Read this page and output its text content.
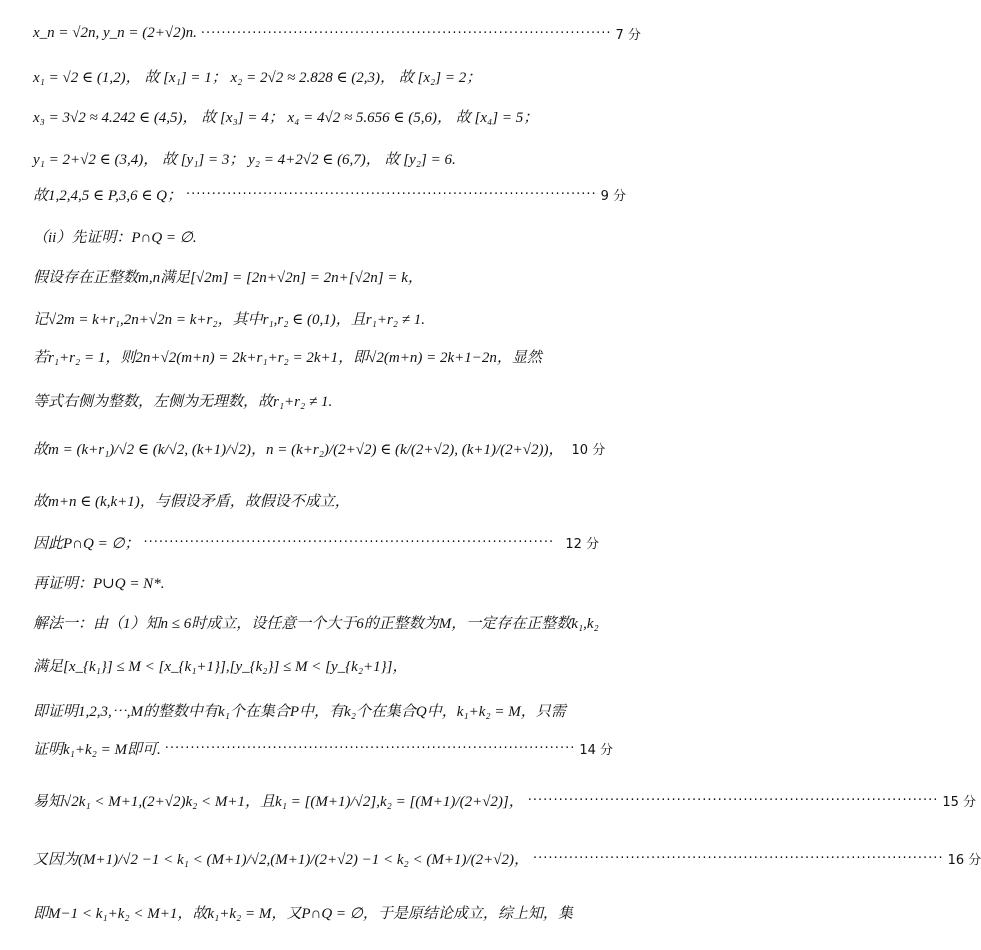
x_n = √2n, y_n = (2+√2)n. ················································································ 7 分
x₁ = √2 ∈ (1,2)， 故 [x₁] = 1； x₂ = 2√2 ≈ 2.828 ∈ (2,3)， 故 [x₂] = 2；
x₃ = 3√2 ≈ 4.242 ∈ (4,5)， 故 [x₃] = 4； x₄ = 4√2 ≈ 5.656 ∈ (5,6)， 故 [x₄] = 5；
y₁ = 2+√2 ∈ (3,4)， 故 [y₁] = 3； y₂ = 4+2√2 ∈ (6,7)， 故 [y₂] = 6.
故1,2,4,5 ∈ P,3,6 ∈ Q； ················································································ 9 分
（ii）先证明：P∩Q = ∅.
假设存在正整数m,n满足[√2m] = [2n+√2n] = 2n+[√2n] = k，
记√2m = k+r₁,2n+√2n = k+r₂，其中r₁,r₂ ∈ (0,1)，且r₁+r₂ ≠ 1.
若r₁+r₂ = 1，则2n+√2(m+n) = 2k+r₁+r₂ = 2k+1，即√2(m+n) = 2k+1−2n，显然
等式右侧为整数，左侧为无理数，故r₁+r₂ ≠ 1.
故m = (k+r₁)/√2 ∈ (k/√2, (k+1)/√2)，n = (k+r₂)/(2+√2) ∈ (k/(2+√2), (k+1)/(2+√2))， 10 分
故m+n ∈ (k,k+1)，与假设矛盾，故假设不成立，
因此P∩Q = ∅； ················································································ 12 分
再证明：P∪Q = N*.
解法一：由（1）知n ≤ 6时成立，设任意一个大于6的正整数为M，一定存在正整数k₁,k₂
满足[x_{k₁}] ≤ M < [x_{k₁+1}],[y_{k₂}] ≤ M < [y_{k₂+1}]，
即证明1,2,3,⋯,M的整数中有k₁个在集合P中，有k₂个在集合Q中，k₁+k₂ = M，只需
证明k₁+k₂ = M即可. ················································································ 14 分
易知√2k₁ < M+1,(2+√2)k₂ < M+1，且k₁ = [(M+1)/√2],k₂ = [(M+1)/(2+√2)]， ················································································ 15 分
又因为(M+1)/√2 −1 < k₁ < (M+1)/√2,(M+1)/(2+√2) −1 < k₂ < (M+1)/(2+√2)， ················································································ 16 分
即M−1 < k₁+k₂ < M+1，故k₁+k₂ = M，又P∩Q = ∅，于是原结论成立，综上知，集
